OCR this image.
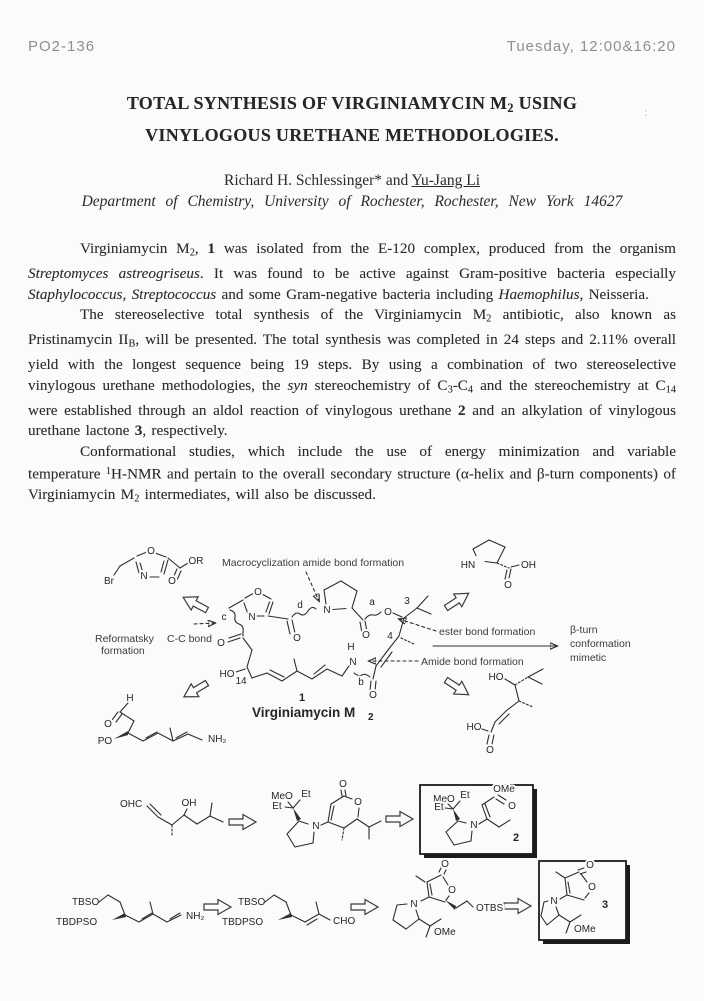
PO2-136	Tuesday, 12:00&16:20
:
TOTAL SYNTHESIS OF VIRGINIAMYCIN M2 USING
VINYLOGOUS URETHANE METHODOLOGIES.
Richard H. Schlessinger* and Yu-Jang Li
Department of Chemistry, University of Rochester, Rochester, New York 14627

Virginiamycin M2, 1 was isolated from the E-120 complex, produced from the organism Streptomyces astreogriseus. It was found to be active against Gram-positive bacteria especially Staphylococcus, Streptococcus and some Gram-negative bacteria including Haemophilus, Neisseria.

The stereoselective total synthesis of the Virginiamycin M2 antibiotic, also known as Pristinamycin IIB, will be presented. The total synthesis was completed in 24 steps and 2.11% overall yield with the longest sequence being 19 steps. By using a combination of two stereoselective vinylogous urethane methodologies, the syn stereochemistry of C3-C4 and the stereochemistry at C14 were established through an aldol reaction of vinylogous urethane 2 and an alkylation of vinylogous urethane lactone 3, respectively.

Conformational studies, which include the use of energy minimization and variable temperature $^1$H-NMR and pertain to the overall secondary structure (α-helix and β-turn components) of Virginiamycin M2 intermediates, will also be discussed.

O
N
Br
OR
O
Macrocyclization amide bond formation	HN	OH
O
O
N
O
d N
O
a
O
3
4
O
b
H
N
HO
14
O
c
Reformatsky
formation
C-C bond
ester bond formation	β-turn
conformation
mimetic
Amide bond formation
1
Virginiamycin M 2
H
O
PO	NH₂
HO
HO
O
OHC	OH
MeO Et
Et
N
O
O
MeO Et
Et
N
OMe
O
2
TBSO
TBDPSO
NH₂
TBSO
TBDPSO	CHO
O
O
N
OMe
OTBS
O
O
N
OMe
3
